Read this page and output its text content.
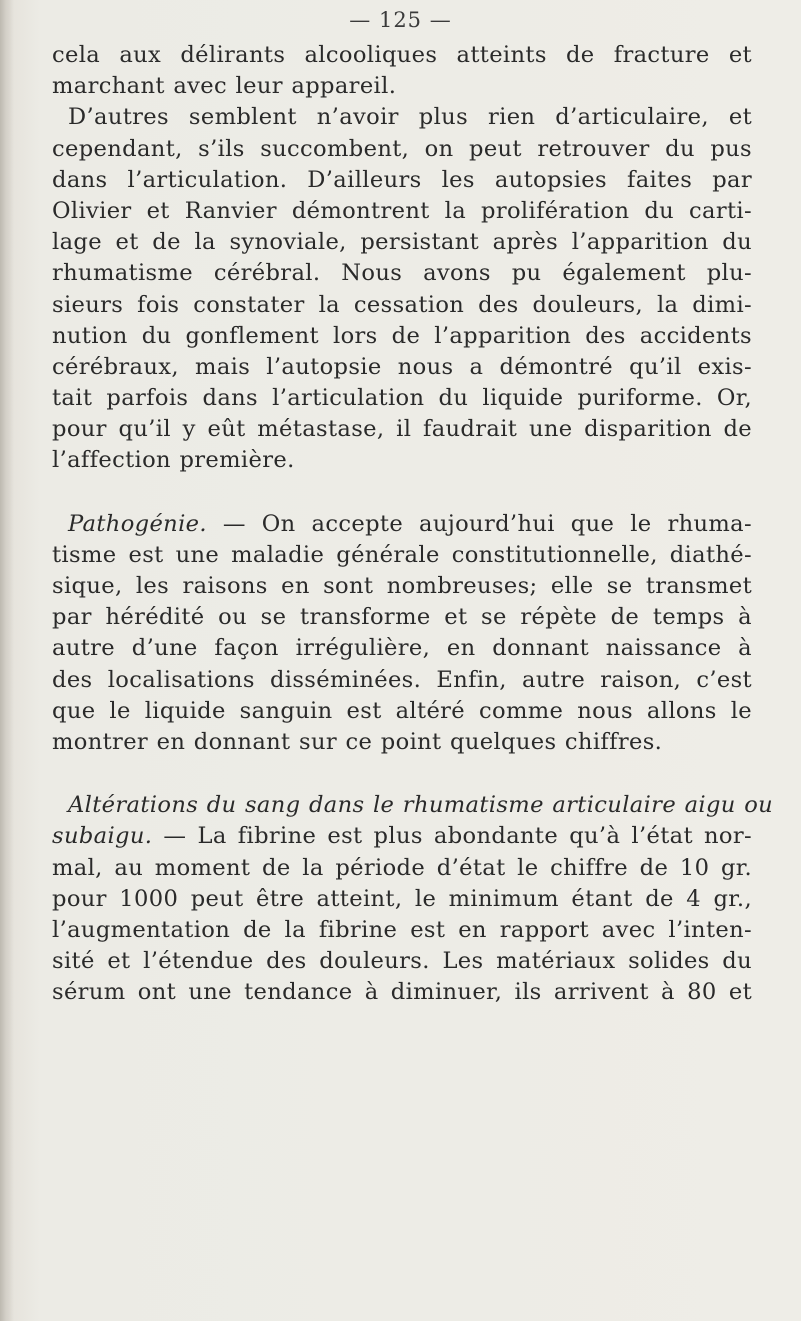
— 125 —
cela aux délirants alcooliques atteints de fracture et
marchant avec leur appareil.
D’autres semblent n’avoir plus rien d’articulaire, et
cependant, s’ils succombent, on peut retrouver du pus
dans l’articulation. D’ailleurs les autopsies faites par
Olivier et Ranvier démontrent la prolifération du carti-
lage et de la synoviale, persistant après l’apparition du
rhumatisme cérébral. Nous avons pu également plu-
sieurs fois constater la cessation des douleurs, la dimi-
nution du gonflement lors de l’apparition des accidents
cérébraux, mais l’autopsie nous a démontré qu’il exis-
tait parfois dans l’articulation du liquide puriforme. Or,
pour qu’il y eût métastase, il faudrait une disparition de
l’affection première.
Pathogénie. — On accepte aujourd’hui que le rhuma-
tisme est une maladie générale constitutionnelle, diathé-
sique, les raisons en sont nombreuses; elle se transmet
par hérédité ou se transforme et se répète de temps à
autre d’une façon irrégulière, en donnant naissance à
des localisations disséminées. Enfin, autre raison, c’est
que le liquide sanguin est altéré comme nous allons le
montrer en donnant sur ce point quelques chiffres.
Altérations du sang dans le rhumatisme articulaire aigu ou
subaigu. — La fibrine est plus abondante qu’à l’état nor-
mal, au moment de la période d’état le chiffre de 10 gr.
pour 1000 peut être atteint, le minimum étant de 4 gr.,
l’augmentation de la fibrine est en rapport avec l’inten-
sité et l’étendue des douleurs. Les matériaux solides du
sérum ont une tendance à diminuer, ils arrivent à 80 et
